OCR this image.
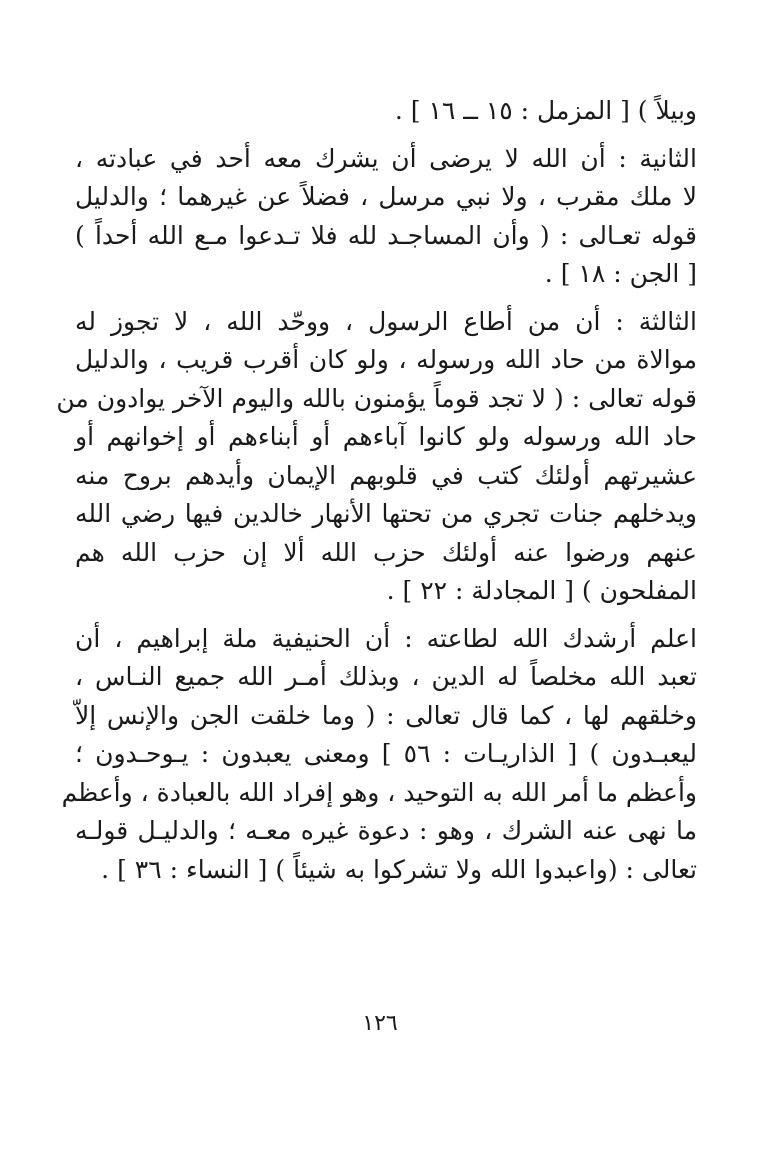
وبيلاً ) [ المزمل : ١٥ ــ ١٦ ] .

الثانية : أن الله لا يرضى أن يشرك معه أحد في عبادته ،
لا ملك مقرب ، ولا نبي مرسل ، فضلاً عن غيرهما ؛ والدليل
قوله تعـالى : ( وأن المساجـد لله فلا تـدعوا مـع الله أحداً )
[ الجن : ١٨ ] .

الثالثة : أن من أطاع الرسول ، ووحّد الله ، لا تجوز له
موالاة من حاد الله ورسوله ، ولو كان أقرب قريب ، والدليل
قوله تعالى : ( لا تجد قوماً يؤمنون بالله واليوم الآخر يوادون من
حاد الله ورسوله ولو كانوا آباءهم أو أبناءهم أو إخوانهم أو
عشيرتهم أولئك كتب في قلوبهم الإيمان وأيدهم بروح منه
ويدخلهم جنات تجري من تحتها الأنهار خالدين فيها رضي الله
عنهم ورضوا عنه أولئك حزب الله ألا إن حزب الله هم
المفلحون ) [ المجادلة : ٢٢ ] .

اعلم أرشدك الله لطاعته : أن الحنيفية ملة إبراهيم ، أن
تعبد الله مخلصاً له الدين ، وبذلك أمـر الله جميع النـاس ،
وخلقهم لها ، كما قال تعالى : ( وما خلقت الجن والإنس إلاّ
ليعبـدون ) [ الذاريـات : ٥٦ ] ومعنى يعبدون : يـوحـدون ؛
وأعظم ما أمر الله به التوحيد ، وهو إفراد الله بالعبادة ، وأعظم
ما نهى عنه الشرك ، وهو : دعوة غيره معـه ؛ والدليـل قولـه
تعالى : (واعبدوا الله ولا تشركوا به شيئاً ) [ النساء : ٣٦ ] .

١٢٦
